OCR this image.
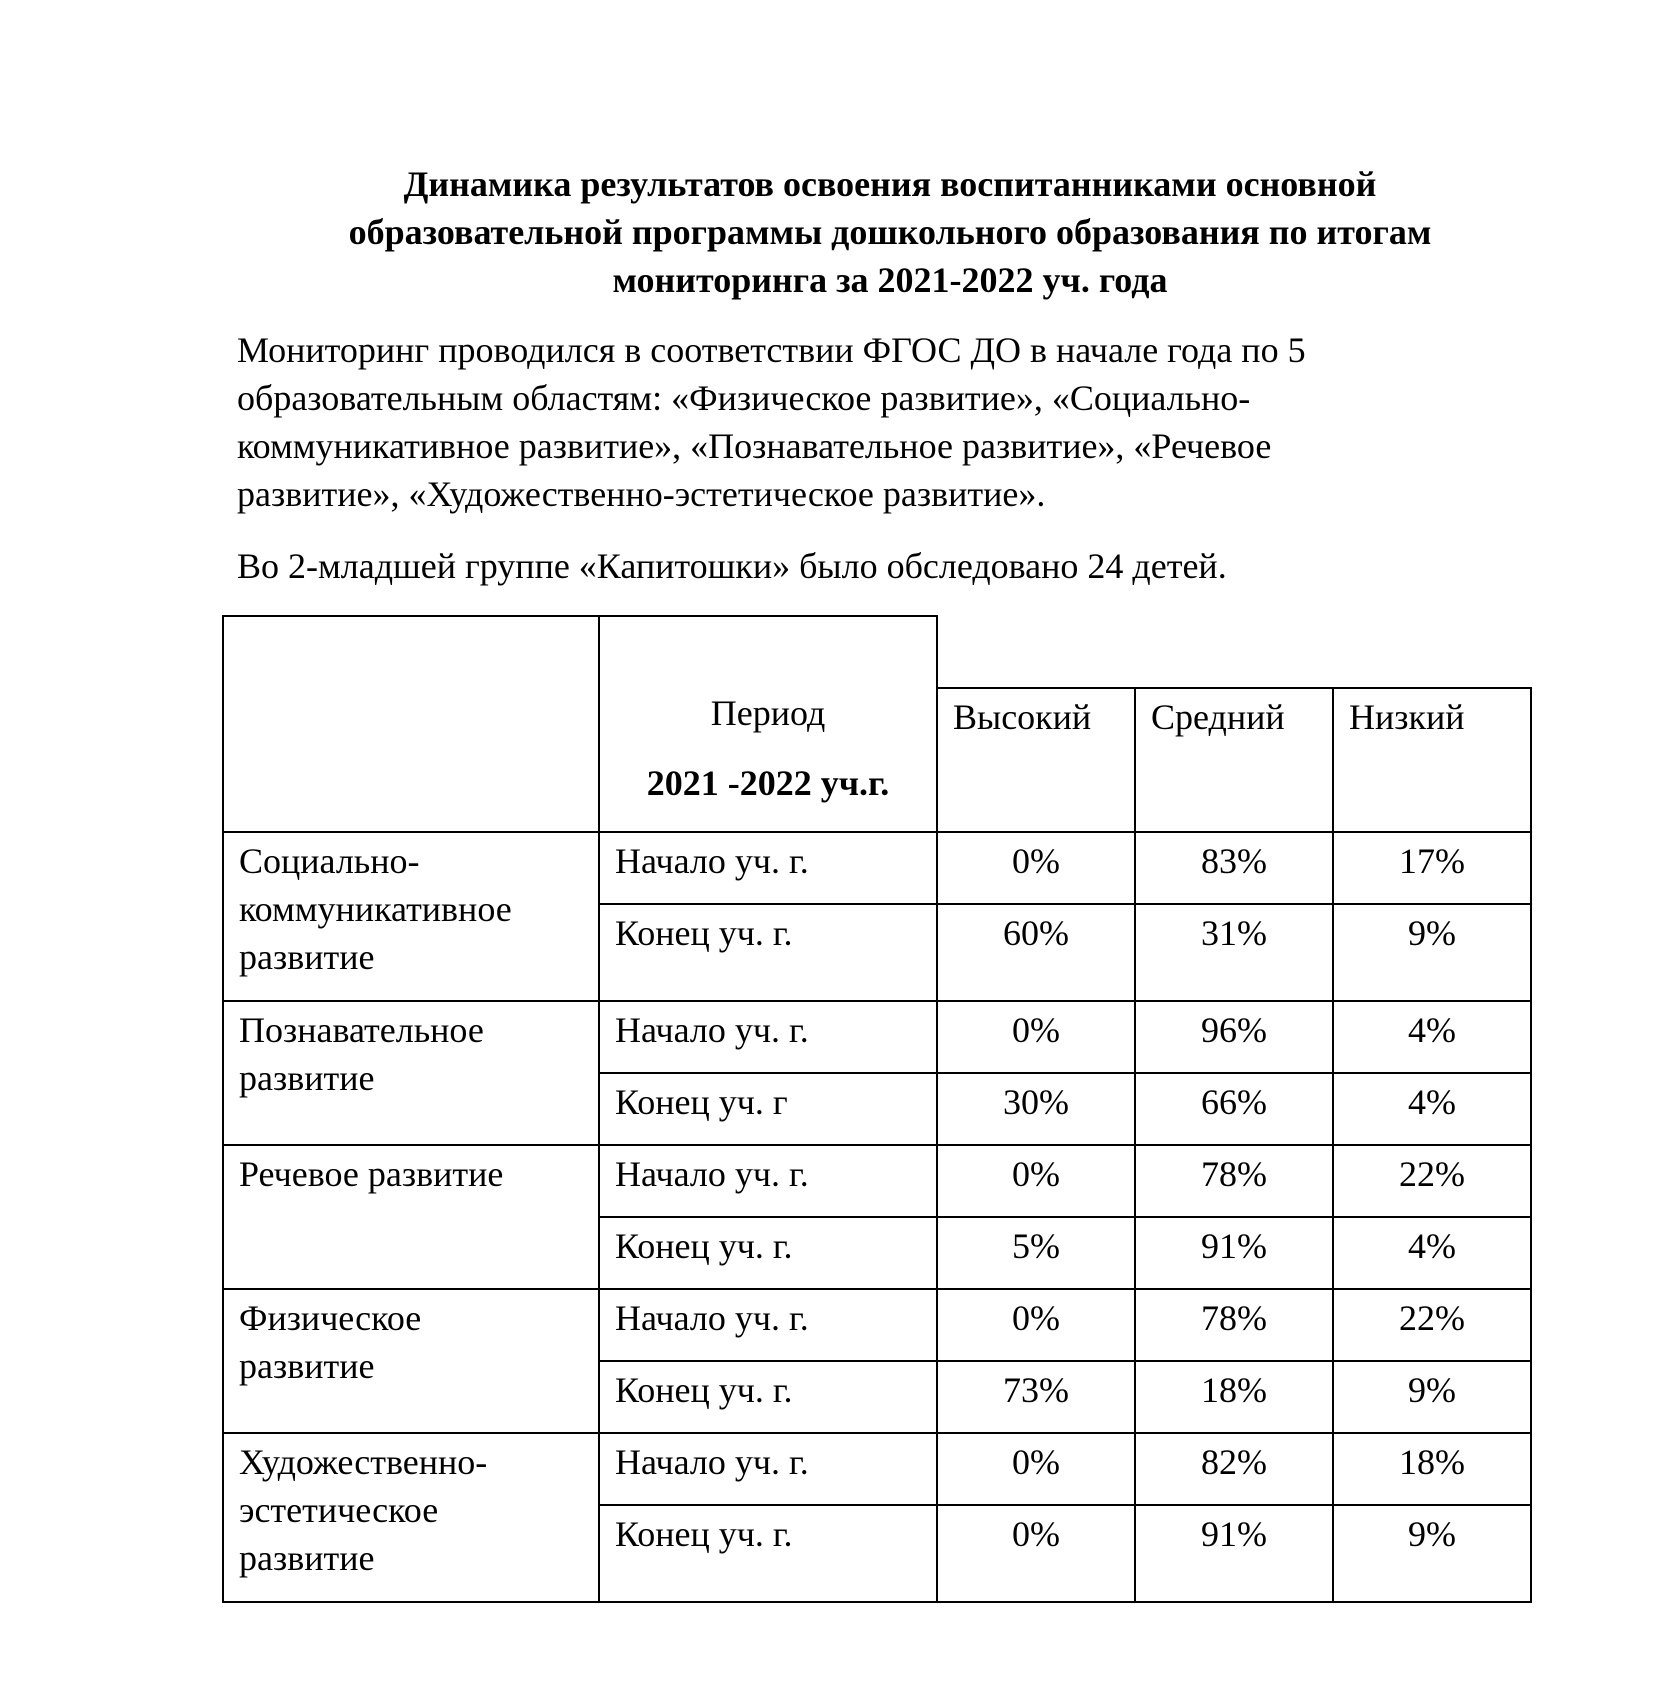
Динамика результатов освоения воспитанниками основной
образовательной программы дошкольного образования по итогам
мониторинга за 2021-2022 уч. года

Мониторинг проводился в соответствии ФГОС ДО в начале года по 5
образовательным областям: «Физическое развитие», «Социально-
коммуникативное развитие», «Познавательное развитие», «Речевое
развитие», «Художественно-эстетическое развитие».

Во 2-младшей группе «Капитошки» было обследовано 24 детей.

	Период
2021 -2022 уч.г.			

		Высокий	Средний	Низкий

Социально-
коммуникативное
развитие	Начало уч. г.	0%	83%	17%
	Конец уч. г.	60%	31%	9%

Познавательное
развитие	Начало уч. г.	0%	96%	4%
	Конец уч. г	30%	66%	4%

Речевое развитие	Начало уч. г.	0%	78%	22%
	Конец уч. г.	5%	91%	4%

Физическое
развитие	Начало уч. г.	0%	78%	22%
	Конец уч. г.	73%	18%	9%

Художественно-
эстетическое
развитие	Начало уч. г.	0%	82%	18%
	Конец уч. г.	0%	91%	9%
